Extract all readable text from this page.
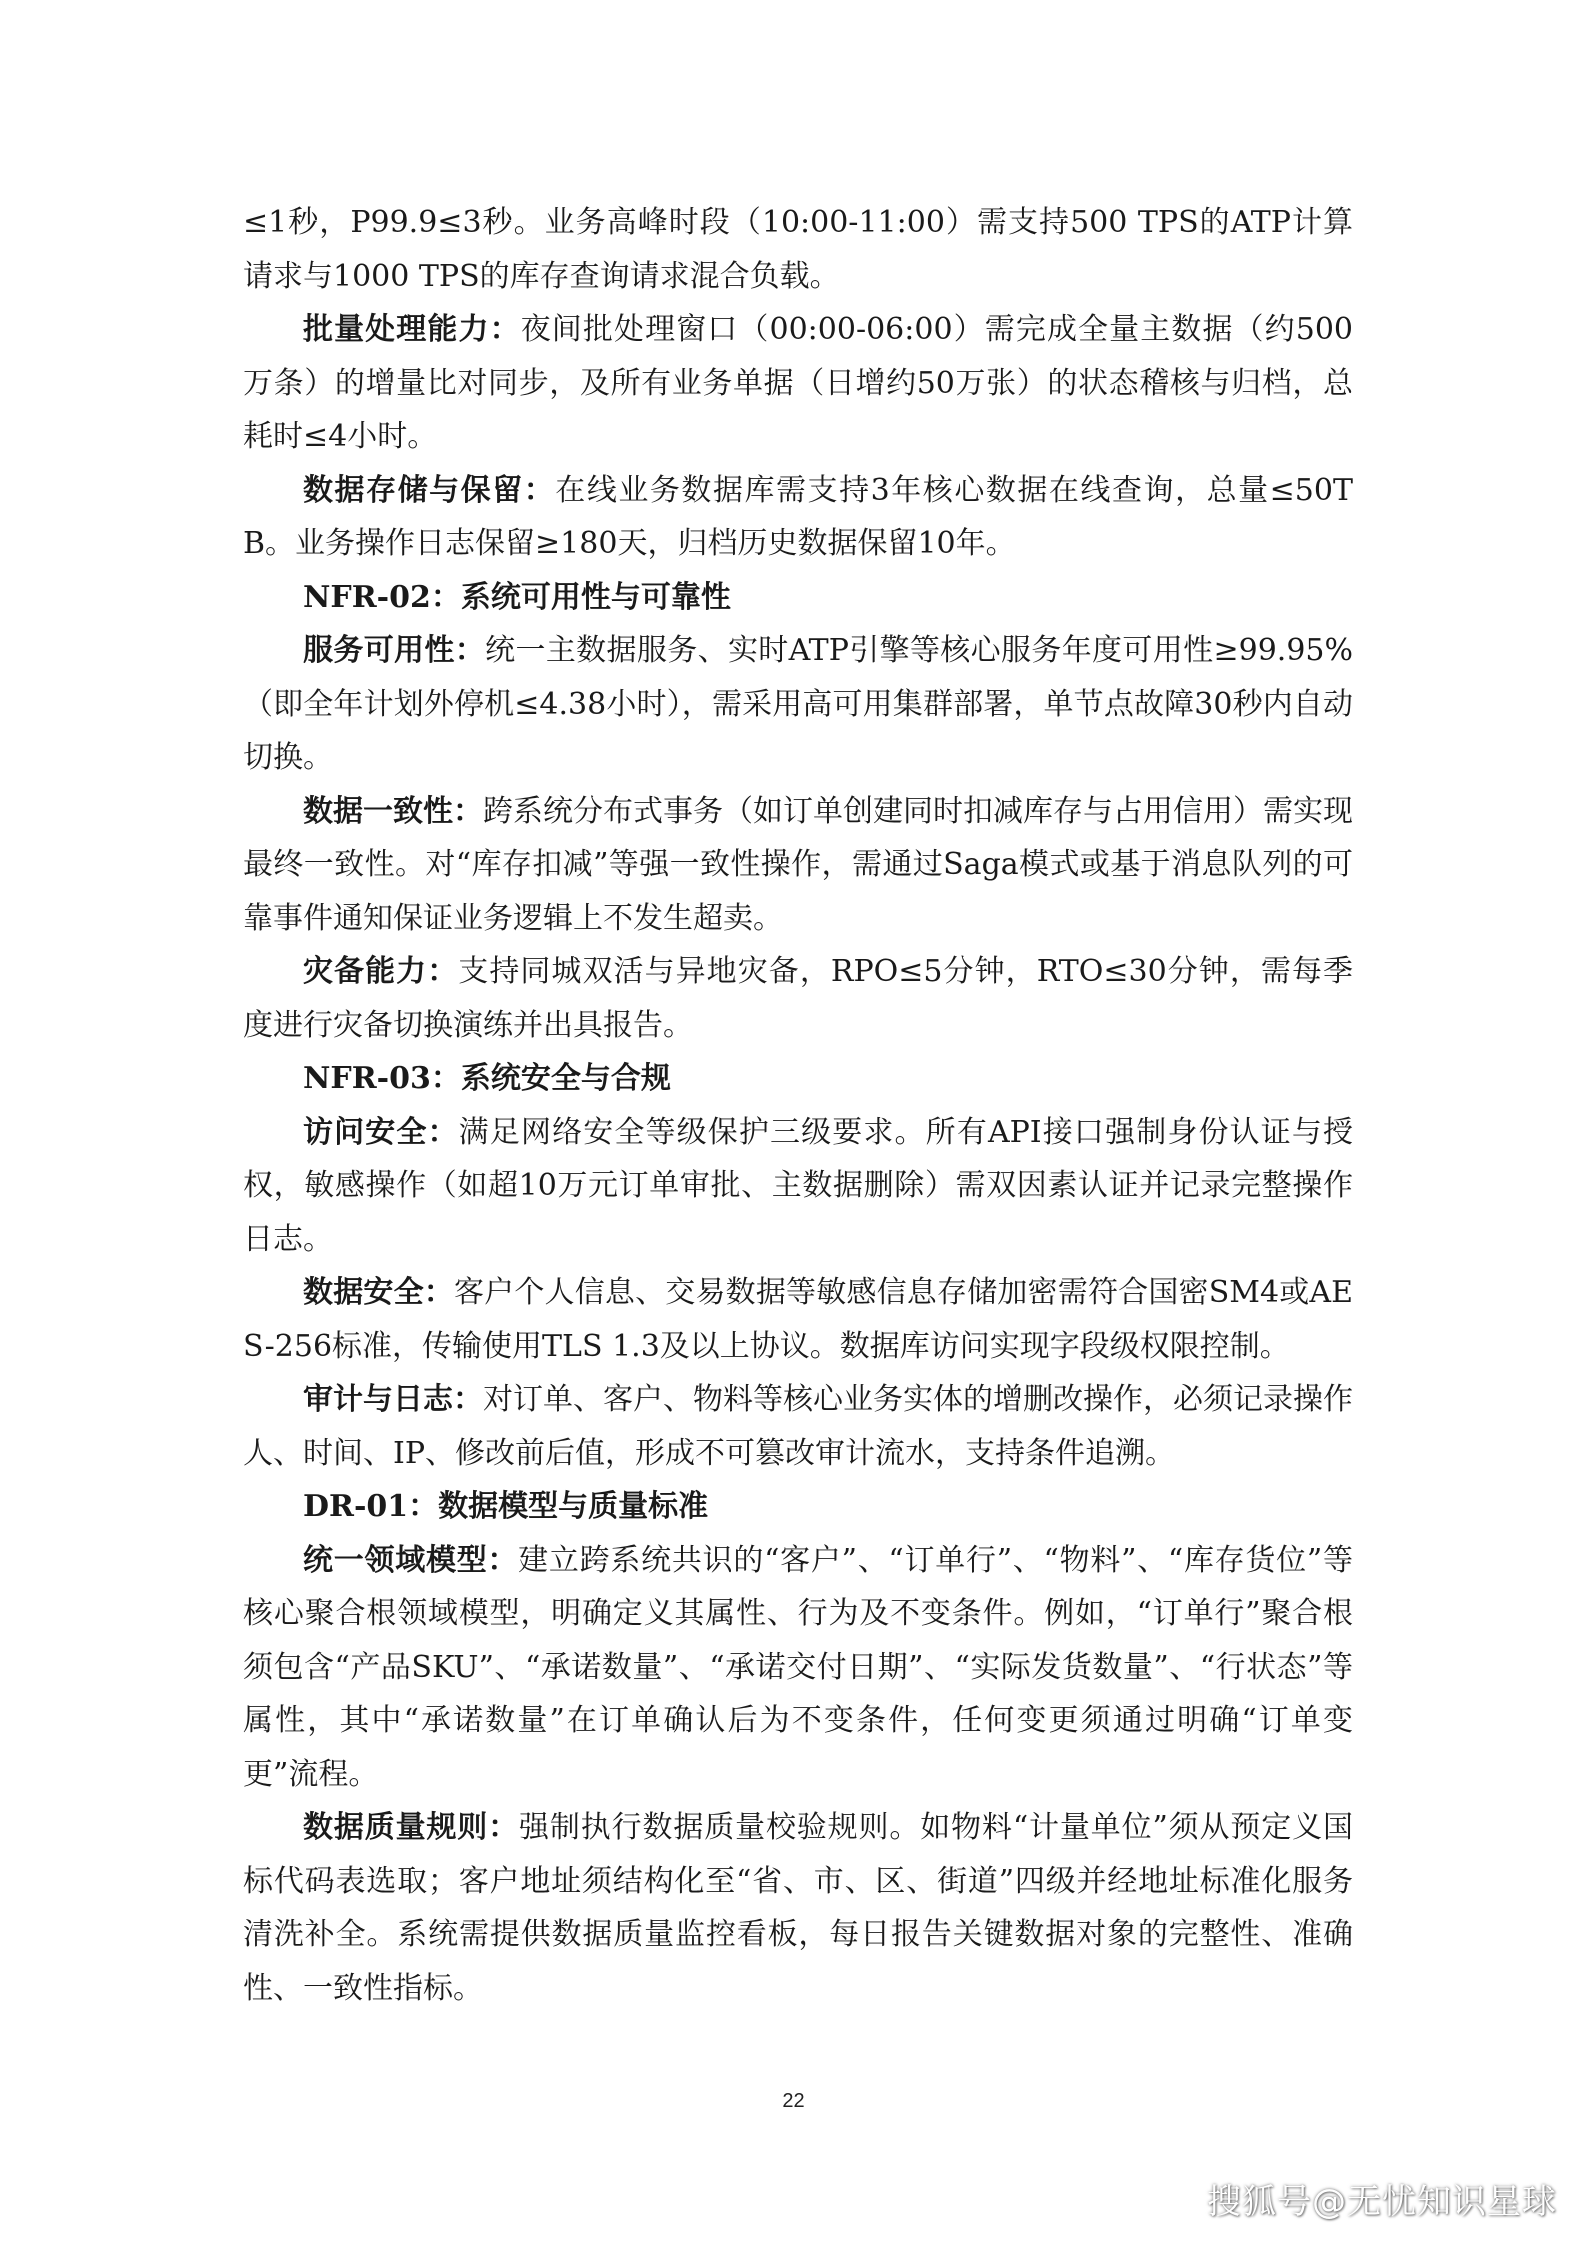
≤1秒，P99.9≤3秒。业务高峰时段（10:00-11:00）需支持500 TPS的ATP计算请求与1000 TPS的库存查询请求混合负载。

批量处理能力：夜间批处理窗口（00:00-06:00）需完成全量主数据（约500万条）的增量比对同步，及所有业务单据（日增约50万张）的状态稽核与归档，总耗时≤4小时。

数据存储与保留：在线业务数据库需支持3年核心数据在线查询，总量≤50TB。业务操作日志保留≥180天，归档历史数据保留10年。

NFR-02：系统可用性与可靠性

服务可用性：统一主数据服务、实时ATP引擎等核心服务年度可用性≥99.95%（即全年计划外停机≤4.38小时），需采用高可用集群部署，单节点故障30秒内自动切换。

数据一致性：跨系统分布式事务（如订单创建同时扣减库存与占用信用）需实现最终一致性。对“库存扣减”等强一致性操作，需通过Saga模式或基于消息队列的可靠事件通知保证业务逻辑上不发生超卖。

灾备能力：支持同城双活与异地灾备，RPO≤5分钟，RTO≤30分钟，需每季度进行灾备切换演练并出具报告。

NFR-03：系统安全与合规

访问安全：满足网络安全等级保护三级要求。所有API接口强制身份认证与授权，敏感操作（如超10万元订单审批、主数据删除）需双因素认证并记录完整操作日志。

数据安全：客户个人信息、交易数据等敏感信息存储加密需符合国密SM4或AES-256标准，传输使用TLS 1.3及以上协议。数据库访问实现字段级权限控制。

审计与日志：对订单、客户、物料等核心业务实体的增删改操作，必须记录操作人、时间、IP、修改前后值，形成不可篡改审计流水，支持条件追溯。

DR-01：数据模型与质量标准

统一领域模型：建立跨系统共识的“客户”、“订单行”、“物料”、“库存货位”等核心聚合根领域模型，明确定义其属性、行为及不变条件。例如，“订单行”聚合根须包含“产品SKU”、“承诺数量”、“承诺交付日期”、“实际发货数量”、“行状态”等属性，其中“承诺数量”在订单确认后为不变条件，任何变更须通过明确“订单变更”流程。

数据质量规则：强制执行数据质量校验规则。如物料“计量单位”须从预定义国标代码表选取；客户地址须结构化至“省、市、区、街道”四级并经地址标准化服务清洗补全。系统需提供数据质量监控看板，每日报告关键数据对象的完整性、准确性、一致性指标。

22
搜狐号@无忧知识星球
